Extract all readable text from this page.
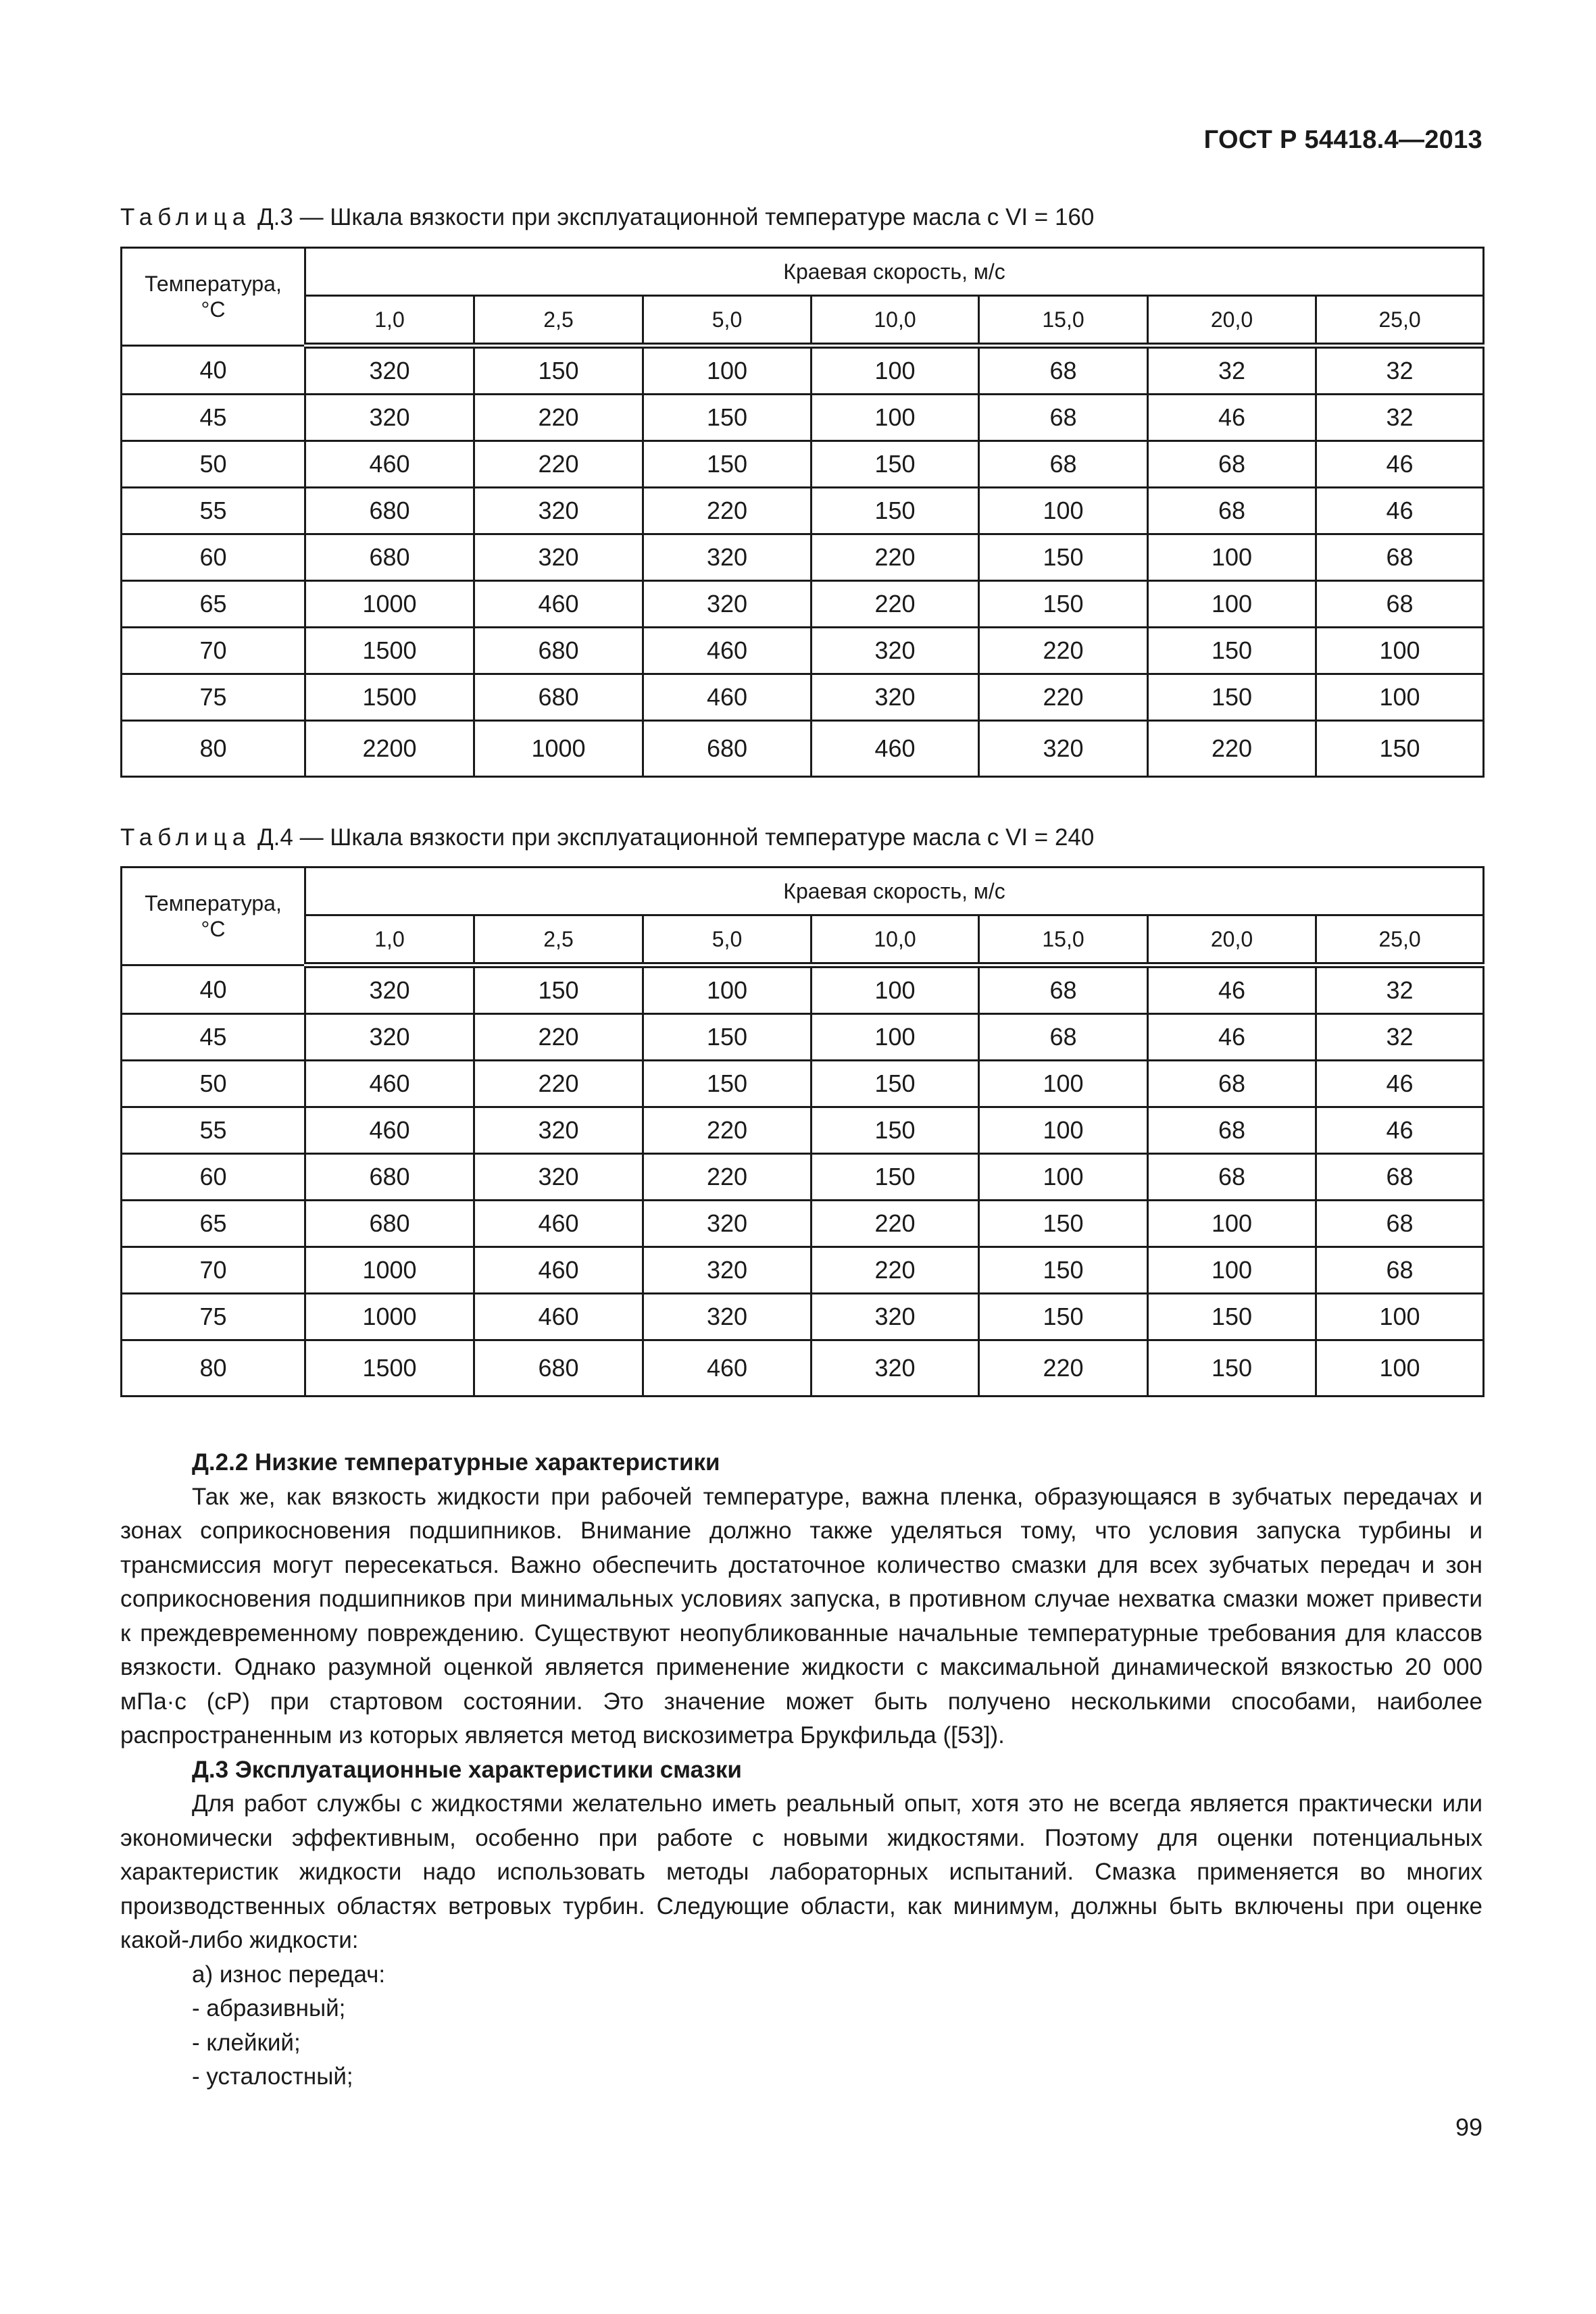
ГОСТ Р 54418.4—2013
Таблица Д.3 — Шкала вязкости при эксплуатационной температуре масла с VI = 160
Температура,
°С	Краевая скорость, м/с						
	1,0	2,5	5,0	10,0	15,0	20,0	25,0
40	320	150	100	100	68	32	32
45	320	220	150	100	68	46	32
50	460	220	150	150	68	68	46
55	680	320	220	150	100	68	46
60	680	320	320	220	150	100	68
65	1000	460	320	220	150	100	68
70	1500	680	460	320	220	150	100
75	1500	680	460	320	220	150	100
80	2200	1000	680	460	320	220	150
Таблица Д.4 — Шкала вязкости при эксплуатационной температуре масла с VI = 240
Температура,
°С	Краевая скорость, м/с						
	1,0	2,5	5,0	10,0	15,0	20,0	25,0
40	320	150	100	100	68	46	32
45	320	220	150	100	68	46	32
50	460	220	150	150	100	68	46
55	460	320	220	150	100	68	46
60	680	320	220	150	100	68	68
65	680	460	320	220	150	100	68
70	1000	460	320	220	150	100	68
75	1000	460	320	320	150	150	100
80	1500	680	460	320	220	150	100

Д.2.2 Низкие температурные характеристики

Так же, как вязкость жидкости при рабочей температуре, важна пленка, образующаяся в зубчатых передачах и зонах соприкосновения подшипников. Внимание должно также уделяться тому, что условия запуска турбины и трансмиссия могут пересекаться. Важно обеспечить достаточное количество смазки для всех зубчатых передач и зон соприкосновения подшипников при минимальных условиях запуска, в противном случае нехватка смазки может привести к преждевременному повреждению. Существуют неопубликованные начальные температурные требования для классов вязкости. Однако разумной оценкой является применение жидкости с максимальной динамической вязкостью 20 000 мПа·с (сР) при стартовом состоянии. Это значение может быть получено несколькими способами, наиболее распространенным из которых является метод вискозиметра Брукфильда ([53]).

Д.3 Эксплуатационные характеристики смазки

Для работ службы с жидкостями желательно иметь реальный опыт, хотя это не всегда является практически или экономически эффективным, особенно при работе с новыми жидкостями. Поэтому для оценки потенциальных характеристик жидкости надо использовать методы лабораторных испытаний. Смазка применяется во многих производственных областях ветровых турбин. Следующие области, как минимум, должны быть включены при оценке какой-либо жидкости:

а) износ передач:

- абразивный;

- клейкий;

- усталостный;

99
